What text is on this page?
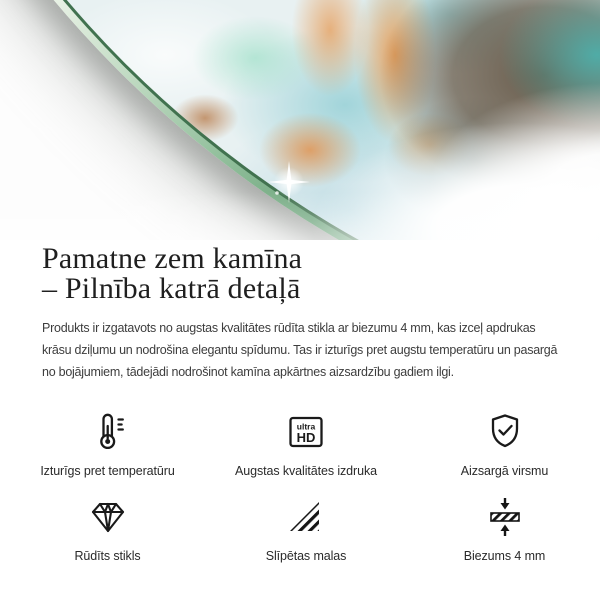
Pamatne zem kamīna
– Pilnība katrā detaļā
Produkts ir izgatavots no augstas kvalitātes rūdīta stikla ar biezumu 4 mm, kas izceļ apdrukas
krāsu dziļumu un nodrošina elegantu spīdumu. Tas ir izturīgs pret augstu temperatūru un pasargā
no bojājumiem, tādejādi nodrošinot kamīna apkārtnes aizsardzību gadiem ilgi.
Izturīgs pret temperatūru
ultra
HD
Augstas kvalitātes izdruka	Aizsargā virsmu
Rūdīts stikls	Slīpētas malas	Biezums 4 mm
